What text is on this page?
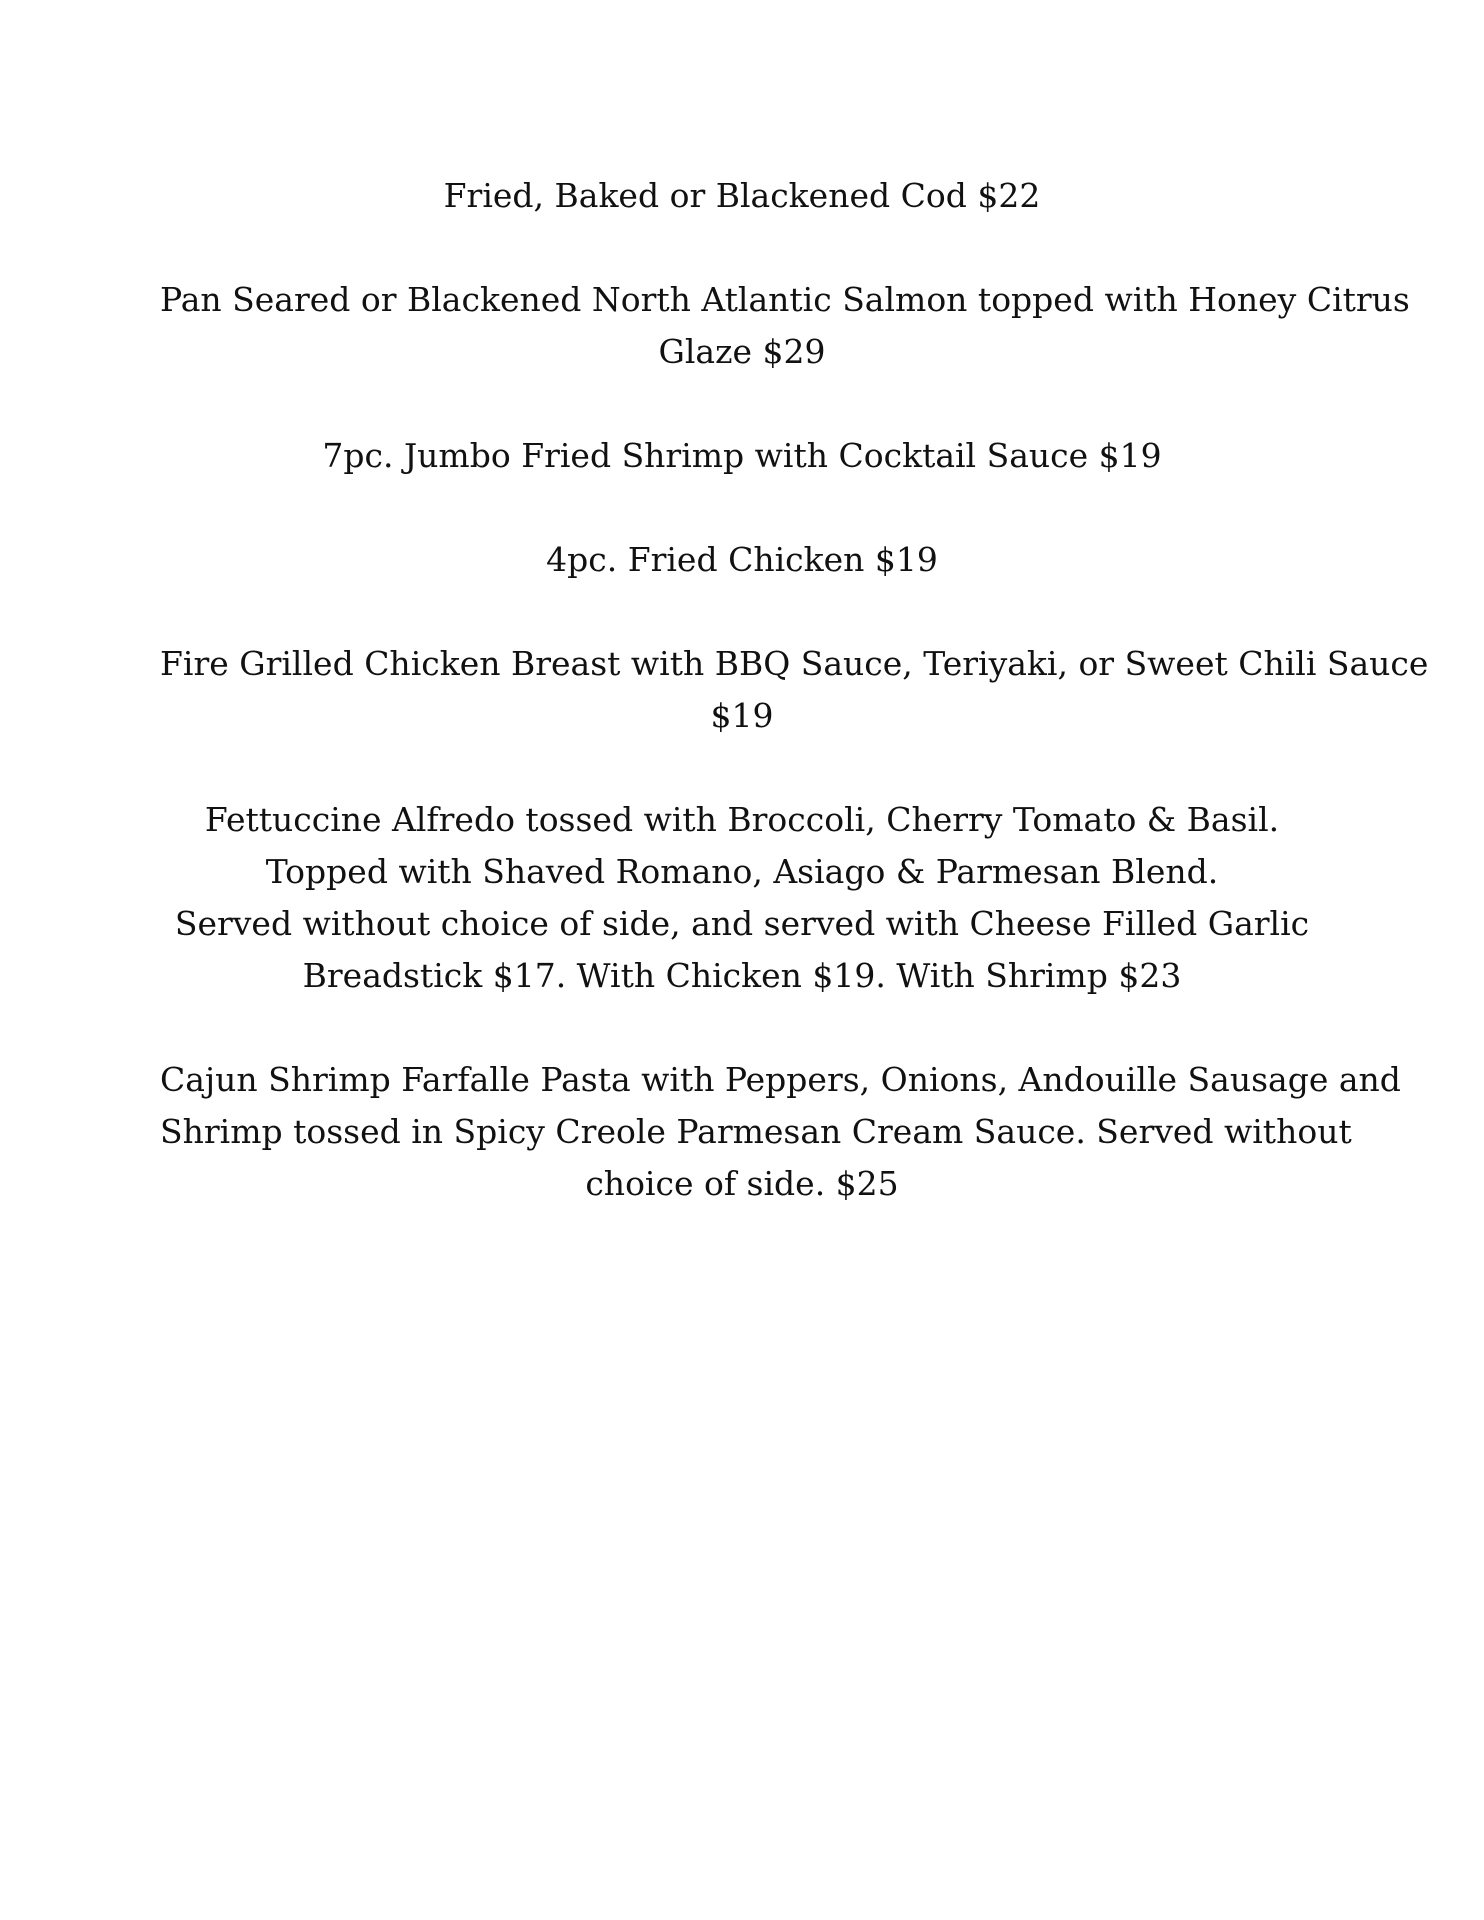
Fried, Baked or Blackened Cod $22
Pan Seared or Blackened North Atlantic Salmon topped with Honey Citrus
Glaze $29
7pc. Jumbo Fried Shrimp with Cocktail Sauce $19
4pc. Fried Chicken $19
Fire Grilled Chicken Breast with BBQ Sauce, Teriyaki, or Sweet Chili Sauce
$19
Fettuccine Alfredo tossed with Broccoli, Cherry Tomato & Basil.
Topped with Shaved Romano, Asiago & Parmesan Blend.
Served without choice of side, and served with Cheese Filled Garlic
Breadstick $17. With Chicken $19. With Shrimp $23
Cajun Shrimp Farfalle Pasta with Peppers, Onions, Andouille Sausage and
Shrimp tossed in Spicy Creole Parmesan Cream Sauce. Served without
choice of side. $25
